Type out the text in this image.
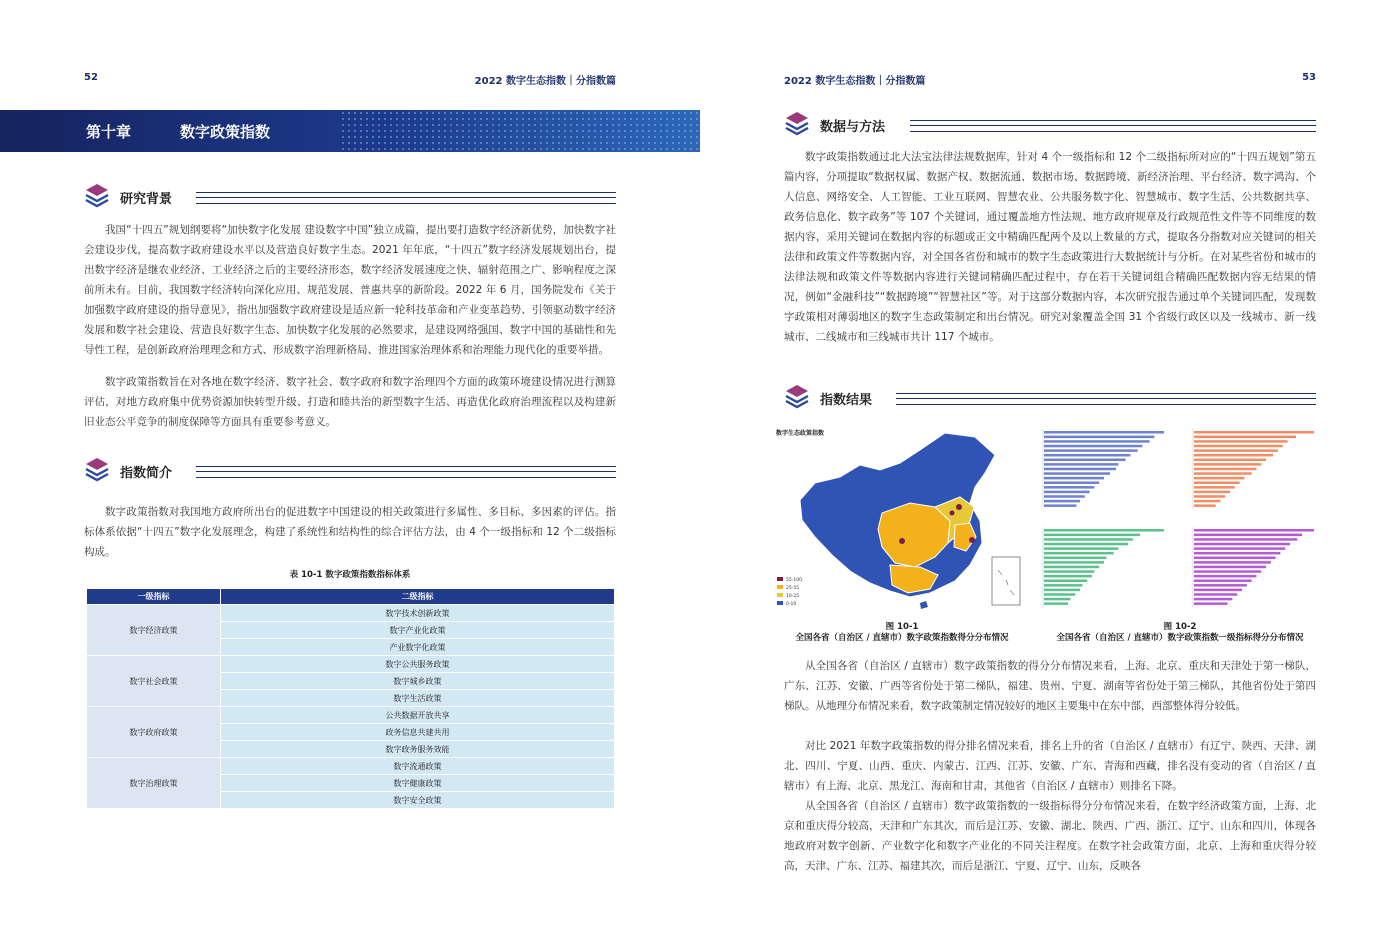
52	2022 数字生态指数｜分指数篇
第十章	数字政策指数
研究背景
我国“十四五”规划纲要将“加快数字化发展 建设数字中国”独立成篇，提出要打造数字经济新优势，加快数字社会建设步伐，提高数字政府建设水平以及营造良好数字生态。2021 年年底，“十四五”数字经济发展规划出台，提出数字经济是继农业经济、工业经济之后的主要经济形态，数字经济发展速度之快、辐射范围之广、影响程度之深前所未有。目前，我国数字经济转向深化应用、规范发展、普惠共享的新阶段。2022 年 6 月，国务院发布《关于加强数字政府建设的指导意见》，指出加强数字政府建设是适应新一轮科技革命和产业变革趋势、引领驱动数字经济发展和数字社会建设、营造良好数字生态、加快数字化发展的必然要求，是建设网络强国、数字中国的基础性和先导性工程，是创新政府治理理念和方式、形成数字治理新格局、推进国家治理体系和治理能力现代化的重要举措。
数字政策指数旨在对各地在数字经济、数字社会、数字政府和数字治理四个方面的政策环境建设情况进行测算评估，对地方政府集中优势资源加快转型升级、打造和睦共治的新型数字生活、再造优化政府治理流程以及构建新旧业态公平竞争的制度保障等方面具有重要参考意义。
指数简介
数字政策指数对我国地方政府所出台的促进数字中国建设的相关政策进行多属性、多目标、多因素的评估。指标体系依据“十四五”数字化发展理念，构建了系统性和结构性的综合评估方法，由 4 个一级指标和 12 个二级指标构成。
表 10-1 数字政策指数指标体系
一级指标	二级指标
数字经济政策	数字技术创新政策
	数字产业化政策
	产业数字化政策
数字社会政策	数字公共服务政策
	数字城乡政策
	数字生活政策
数字政府政策	公共数据开放共享
	政务信息共建共用
	数字政务服务效能
数字治理政策	数字流通政策
	数字健康政策
	数字安全政策
2022 数字生态指数｜分指数篇	53
数据与方法
数字政策指数通过北大法宝法律法规数据库，针对 4 个一级指标和 12 个二级指标所对应的“十四五规划”第五篇内容，分项提取“数据权属、数据产权、数据流通、数据市场、数据跨境、新经济治理、平台经济、数字鸿沟、个人信息、网络安全、人工智能、工业互联网、智慧农业、公共服务数字化、智慧城市、数字生活、公共数据共享、政务信息化、数字政务”等 107 个关键词，通过覆盖地方性法规、地方政府规章及行政规范性文件等不同维度的数据内容，采用关键词在数据内容的标题或正文中精确匹配两个及以上数量的方式，提取各分指数对应关键词的相关法律和政策文件等数据内容，对全国各省份和城市的数字生态政策进行大数据统计与分析。在对某些省份和城市的法律法规和政策文件等数据内容进行关键词精确匹配过程中，存在若干关键词组合精确匹配数据内容无结果的情况，例如“金融科技”“数据跨境”“智慧社区”等。对于这部分数据内容，本次研究报告通过单个关键词匹配，发现数字政策相对薄弱地区的数字生态政策制定和出台情况。研究对象覆盖全国 31 个省级行政区以及一线城市、新一线城市、二线城市和三线城市共计 117 个城市。
指数结果
数字生态政策指数
55-100
25-55
10-25
0-10
图 10-1
全国各省（自治区 / 直辖市）数字政策指数得分分布情况
图 10-2
全国各省（自治区 / 直辖市）数字政策指数一级指标得分分布情况
从全国各省（自治区 / 直辖市）数字政策指数的得分分布情况来看，上海、北京、重庆和天津处于第一梯队，广东、江苏、安徽、广西等省份处于第二梯队，福建、贵州、宁夏、湖南等省份处于第三梯队，其他省份处于第四梯队。从地理分布情况来看，数字政策制定情况较好的地区主要集中在东中部，西部整体得分较低。
对比 2021 年数字政策指数的得分排名情况来看，排名上升的省（自治区 / 直辖市）有辽宁、陕西、天津、湖北、四川、宁夏、山西、重庆、内蒙古、江西、江苏、安徽、广东、青海和西藏，排名没有变动的省（自治区 / 直辖市）有上海、北京、黑龙江、海南和甘肃，其他省（自治区 / 直辖市）则排名下降。
从全国各省（自治区 / 直辖市）数字政策指数的一级指标得分分布情况来看，在数字经济政策方面，上海、北京和重庆得分较高，天津和广东其次，而后是江苏、安徽、湖北、陕西、广西、浙江、辽宁、山东和四川，体现各地政府对数字创新、产业数字化和数字产业化的不同关注程度。在数字社会政策方面，北京、上海和重庆得分较高，天津、广东、江苏、福建其次，而后是浙江、宁夏、辽宁、山东，反映各
